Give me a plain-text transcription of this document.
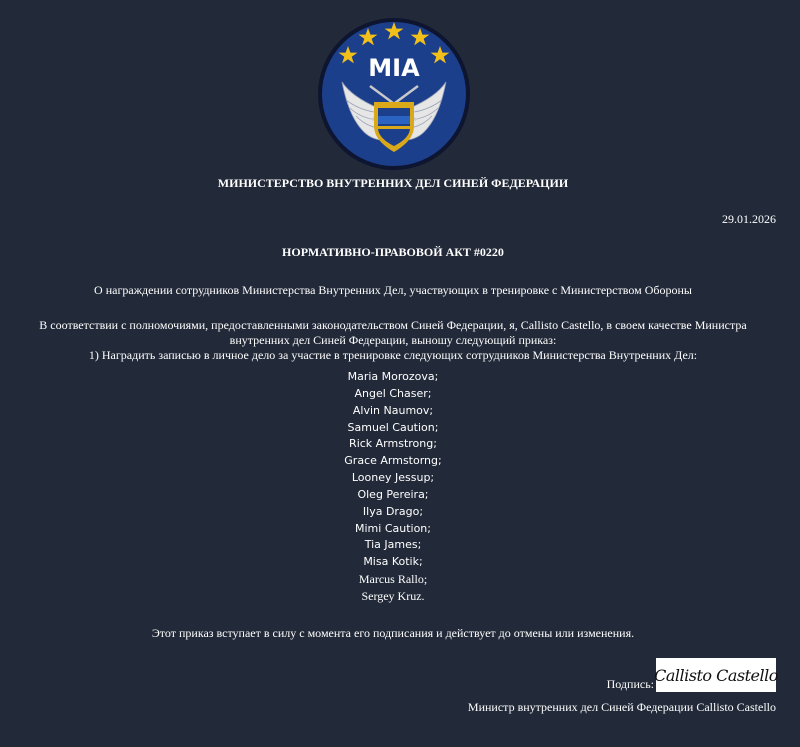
MIA
МИНИСТЕРСТВО ВНУТРЕННИХ ДЕЛ СИНЕЙ ФЕДЕРАЦИИ
29.01.2026
НОРМАТИВНО-ПРАВОВОЙ АКТ #0220
О награждении сотрудников Министерства Внутренних Дел, участвующих в тренировке с Министерством Обороны
В соответствии с полномочиями, предоставленными законодательством Синей Федерации, я, Callisto Castello, в своем качестве Министра
внутренних дел Синей Федерации, выношу следующий приказ:
1) Наградить записью в личное дело за участие в тренировке следующих сотрудников Министерства Внутренних Дел:
Maria Morozova;
Angel Chaser;
Alvin Naumov;
Samuel Caution;
Rick Armstrong;
Grace Armstorng;
Looney Jessup;
Oleg Pereira;
Ilya Drago;
Mimi Caution;
Tia James;
Misa Kotik;
Marcus Rallo;
Sergey Kruz.
Этот приказ вступает в силу с момента его подписания и действует до отмены или изменения.
Подпись: Callisto Castello
Министр внутренних дел Синей Федерации Callisto Castello
